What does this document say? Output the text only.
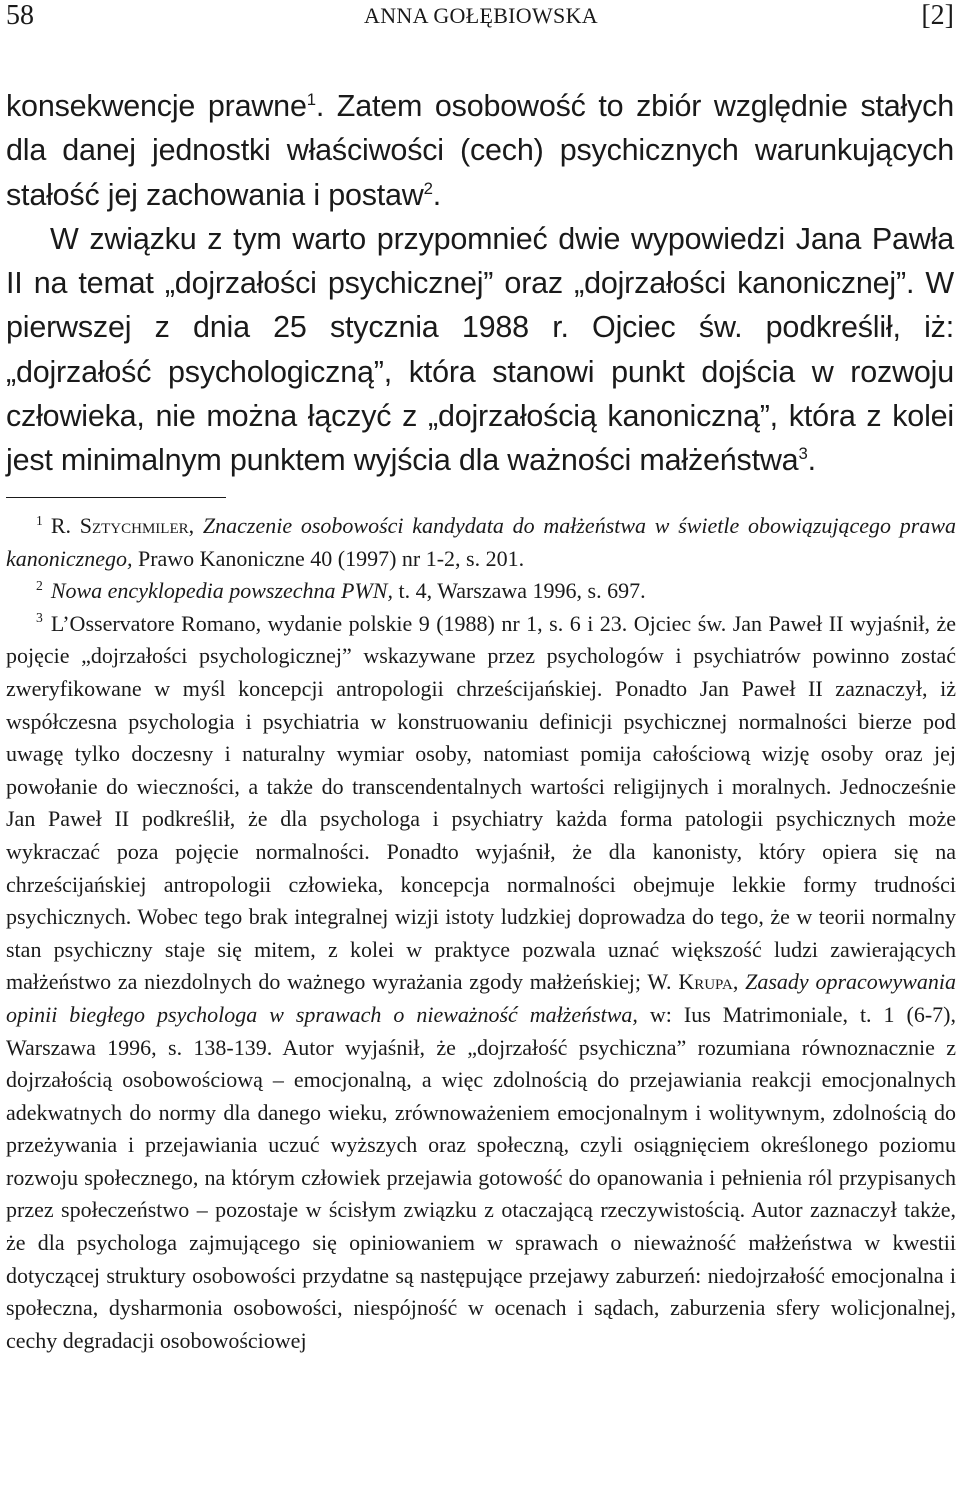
58	ANNA GOŁĘBIOWSKA	[2]

konsekwencje prawne$^1$. Zatem osobowość to zbiór względnie stałych dla danej jednostki właściwości (cech) psychicznych warunkujących stałość jej zachowania i postaw$^2$.

W związku z tym warto przypomnieć dwie wypowiedzi Jana Pawła II na temat „dojrzałości psychicznej” oraz „dojrzałości kanonicznej”. W pierwszej z dnia 25 stycznia 1988 r. Ojciec św. podkreślił, iż: „dojrzałość psychologiczną”, która stanowi punkt dojścia w rozwoju człowieka, nie można łączyć z „dojrzałością kanoniczną”, która z kolei jest minimalnym punktem wyjścia dla ważności małżeństwa$^3$.

$^1$ R. Sztychmiler, Znaczenie osobowości kandydata do małżeństwa w świetle obowiązującego prawa kanonicznego, Prawo Kanoniczne 40 (1997) nr 1-2, s. 201.

$^2$ Nowa encyklopedia powszechna PWN, t. 4, Warszawa 1996, s. 697.

$^3$ L’Osservatore Romano, wydanie polskie 9 (1988) nr 1, s. 6 i 23. Ojciec św. Jan Paweł II wyjaśnił, że pojęcie „dojrzałości psychologicznej” wskazywane przez psychologów i psychiatrów powinno zostać zweryfikowane w myśl koncepcji antropologii chrześcijańskiej. Ponadto Jan Paweł II zaznaczył, iż współczesna psychologia i psychiatria w konstruowaniu definicji psychicznej normalności bierze pod uwagę tylko doczesny i naturalny wymiar osoby, natomiast pomija całościową wizję osoby oraz jej powołanie do wieczności, a także do transcendentalnych wartości religijnych i moralnych. Jednocześnie Jan Paweł II podkreślił, że dla psychologa i psychiatry każda forma patologii psychicznych może wykraczać poza pojęcie normalności. Ponadto wyjaśnił, że dla kanonisty, który opiera się na chrześcijańskiej antropologii człowieka, koncepcja normalności obejmuje lekkie formy trudności psychicznych. Wobec tego brak integralnej wizji istoty ludzkiej doprowadza do tego, że w teorii normalny stan psychiczny staje się mitem, z kolei w praktyce pozwala uznać większość ludzi zawierających małżeństwo za niezdolnych do ważnego wyrażania zgody małżeńskiej; W. Krupa, Zasady opracowywania opinii biegłego psychologa w sprawach o nieważność małżeństwa, w: Ius Matrimoniale, t. 1 (6-7), Warszawa 1996, s. 138-139. Autor wyjaśnił, że „dojrzałość psychiczna” rozumiana równoznacznie z dojrzałością osobowościową – emocjonalną, a więc zdolnością do przejawiania reakcji emocjonalnych adekwatnych do normy dla danego wieku, zrównoważeniem emocjonalnym i wolitywnym, zdolnością do przeżywania i przejawiania uczuć wyższych oraz społeczną, czyli osiągnięciem określonego poziomu rozwoju społecznego, na którym człowiek przejawia gotowość do opanowania i pełnienia ról przypisanych przez społeczeństwo – pozostaje w ścisłym związku z otaczającą rzeczywistością. Autor zaznaczył także, że dla psychologa zajmującego się opiniowaniem w sprawach o nieważność małżeństwa w kwestii dotyczącej struktury osobowości przydatne są następujące przejawy zaburzeń: niedojrzałość emocjonalna i społeczna, dysharmonia osobowości, niespójność w ocenach i sądach, zaburzenia sfery wolicjonalnej, cechy degradacji osobowościowej
